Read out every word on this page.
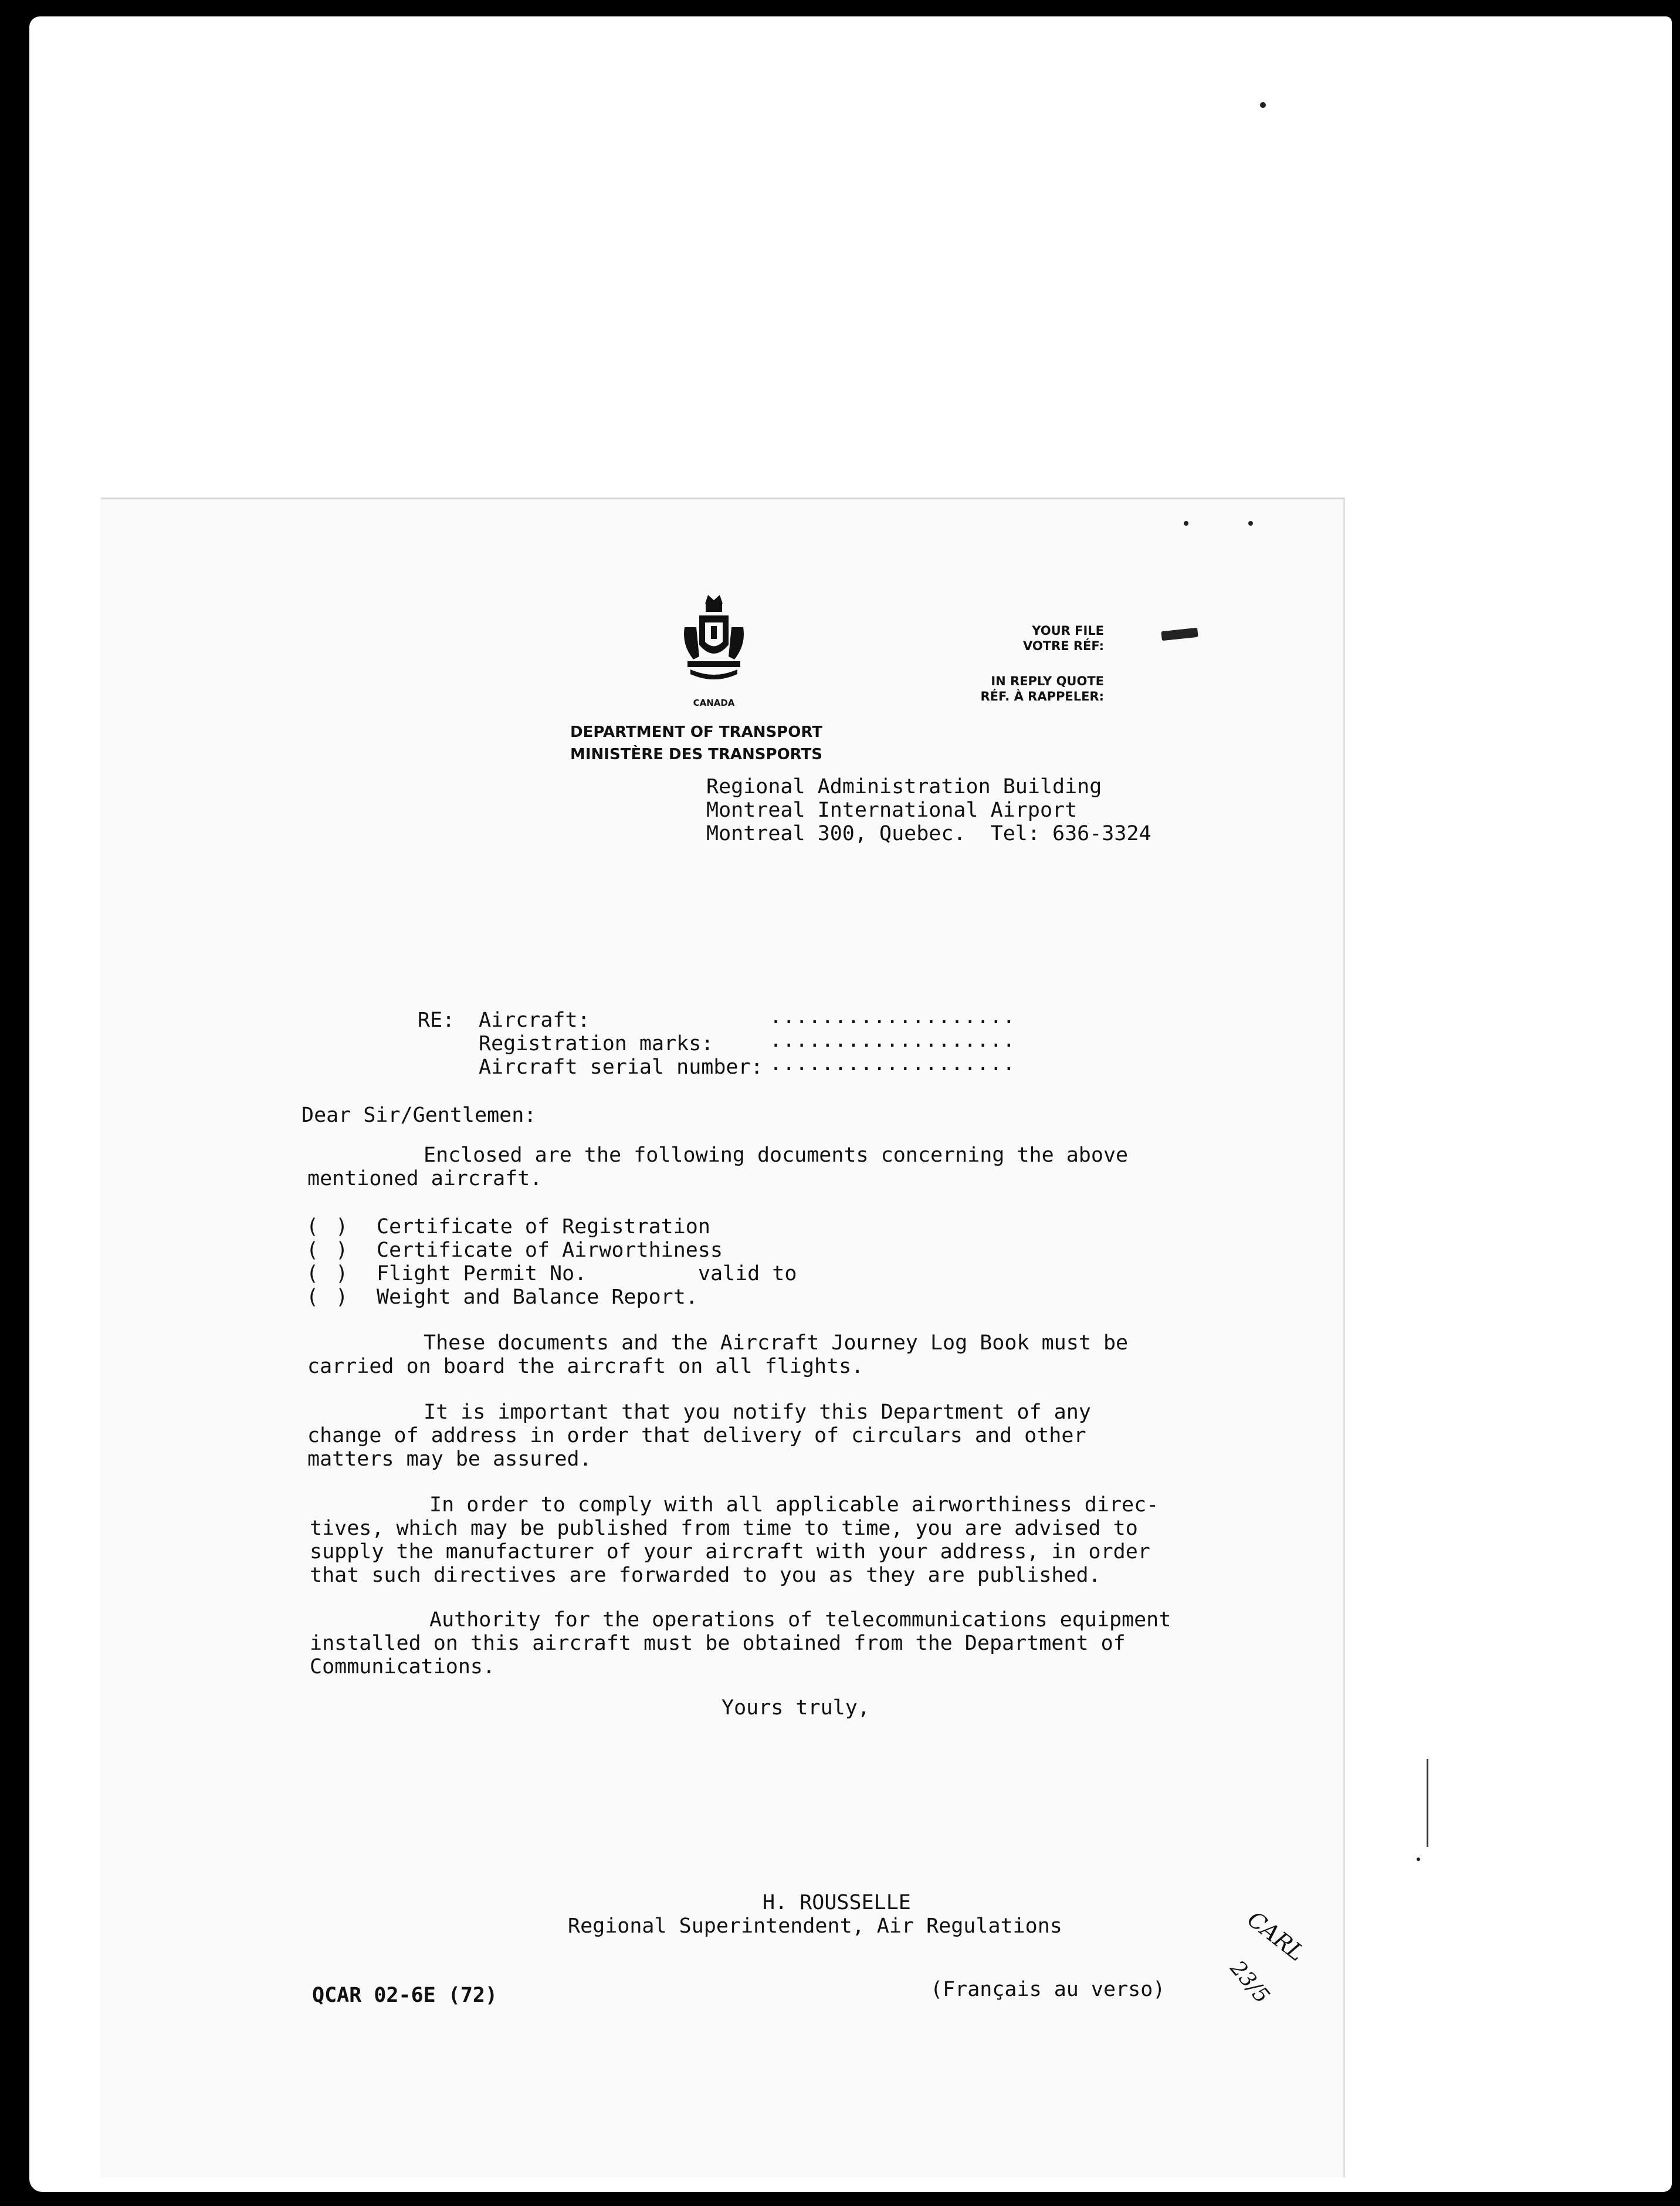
CANADA
YOUR FILE
VOTRE RÉF:
IN REPLY QUOTE
RÉF. À RAPPELER:
DEPARTMENT OF TRANSPORT
MINISTÈRE DES TRANSPORTS
Regional Administration Building
Montreal International Airport
Montreal 300, Quebec.  Tel: 636-3324
RE: Aircraft:
Registration marks:
Aircraft serial number:
...................
...................
...................
Dear Sir/Gentlemen:
Enclosed are the following documents concerning the above
mentioned aircraft.
( ) Certificate of Registration
( ) Certificate of Airworthiness
( ) Flight Permit No.         valid to
( ) Weight and Balance Report.
These documents and the Aircraft Journey Log Book must be
carried on board the aircraft on all flights.
It is important that you notify this Department of any
change of address in order that delivery of circulars and other
matters may be assured.
In order to comply with all applicable airworthiness direc-
tives, which may be published from time to time, you are advised to
supply the manufacturer of your aircraft with your address, in order
that such directives are forwarded to you as they are published.
Authority for the operations of telecommunications equipment
installed on this aircraft must be obtained from the Department of
Communications.
Yours truly,
H. ROUSSELLE
Regional Superintendent, Air Regulations
QCAR 02-6E (72)	(Français au verso)
CARL
23/5
